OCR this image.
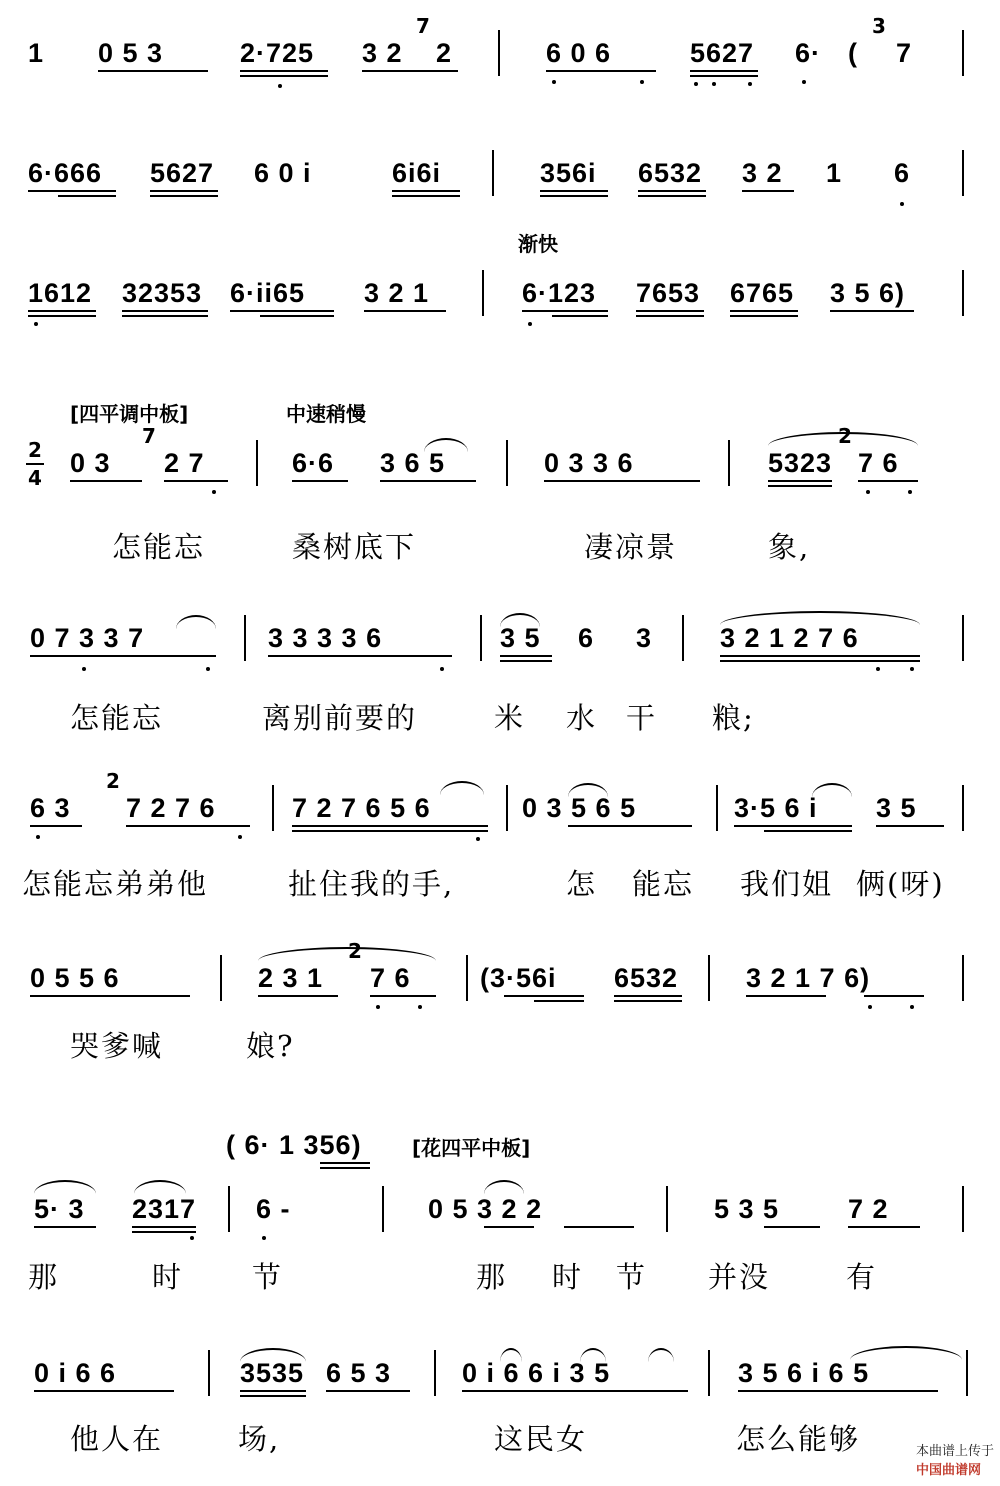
1 0 5 3	2·725 3 2
7
2	6 0 6	5627 6· (
3
7
6·666 5627 6 0 i	6i6i	356i 6532 3 2 1 6
渐快
1612 32353 6·ii65 3 2 1	6·123 7653 6765 3 5 6)
[四平调中板]	中速稍慢
2
4 0 3
7
2 7	6·6 3 6 5	0 3 3 6	5323
2
7 6
怎能忘	桑树底下	凄凉景	象,
0 7 3 3 7	3 3 3 3 6	3 5 6 3	3 2 1 2 7 6
怎能忘	离别前要的	米 水 干 粮;
6 3
2
7 2 7 6	7 2 7 6 5 6	0 3 5 6 5	3·5 6 i 3 5
怎能忘弟弟他	扯住我的手,	怎 能忘 我们姐 俩(呀)
0 5 5 6	2 3 1
2
7 6	(3·56i 6532	3 2 1 7 6)
哭爹喊	娘?
( 6· 1 356)	[花四平中板]
5· 3 2317 6 -	0 5 3 2 2	5 3 5	7 2
那	时 节	那 时 节 并没	有
0 i 6 6	3535 6 5 3	0 i 6 6 i 3 5	3 5 6 i 6 5
他人在	场,	这民女	怎么能够	本曲谱上传于
中国曲谱网
